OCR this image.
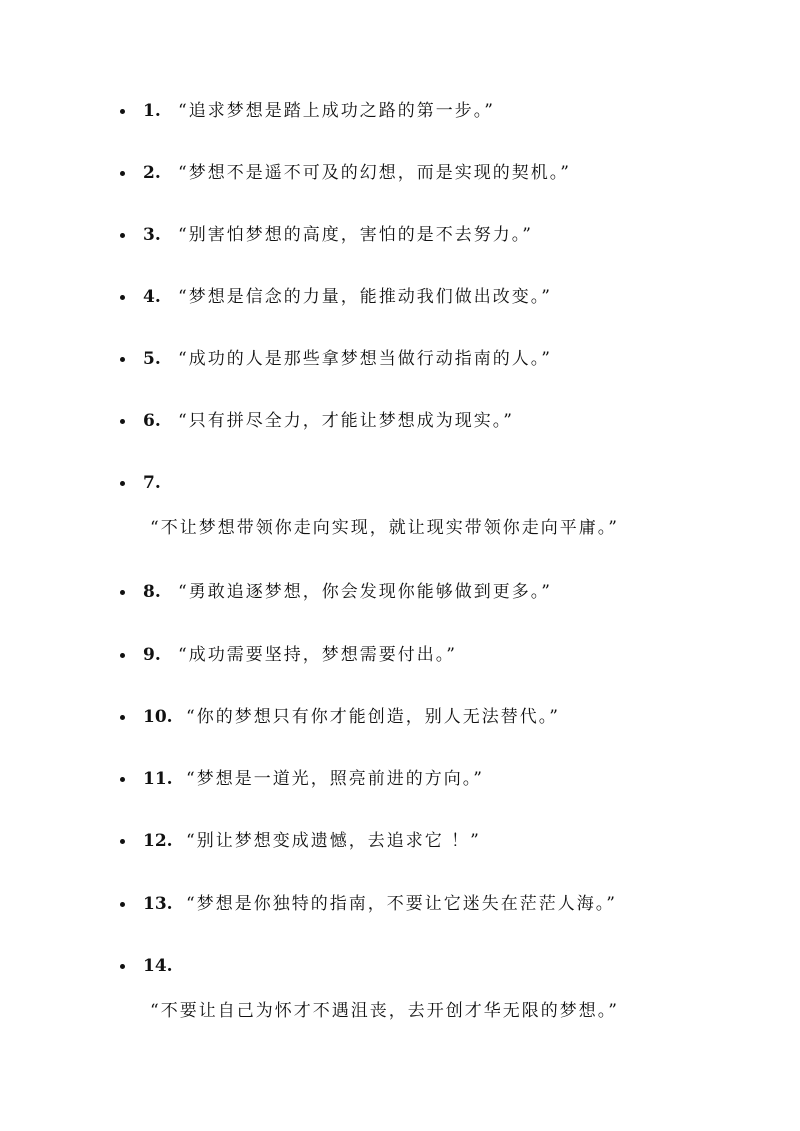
1. “追求梦想是踏上成功之路的第一步。”
2. “梦想不是遥不可及的幻想，而是实现的契机。”
3. “别害怕梦想的高度，害怕的是不去努力。”
4. “梦想是信念的力量，能推动我们做出改变。”
5. “成功的人是那些拿梦想当做行动指南的人。”
6. “只有拼尽全力，才能让梦想成为现实。”
7.
“不让梦想带领你走向实现，就让现实带领你走向平庸。”
8. “勇敢追逐梦想，你会发现你能够做到更多。”
9. “成功需要坚持，梦想需要付出。”
10. “你的梦想只有你才能创造，别人无法替代。”
11. “梦想是一道光，照亮前进的方向。”
12. “别让梦想变成遗憾，去追求它 ！”
13. “梦想是你独特的指南，不要让它迷失在茫茫人海。”
14.
“不要让自己为怀才不遇沮丧，去开创才华无限的梦想。”
